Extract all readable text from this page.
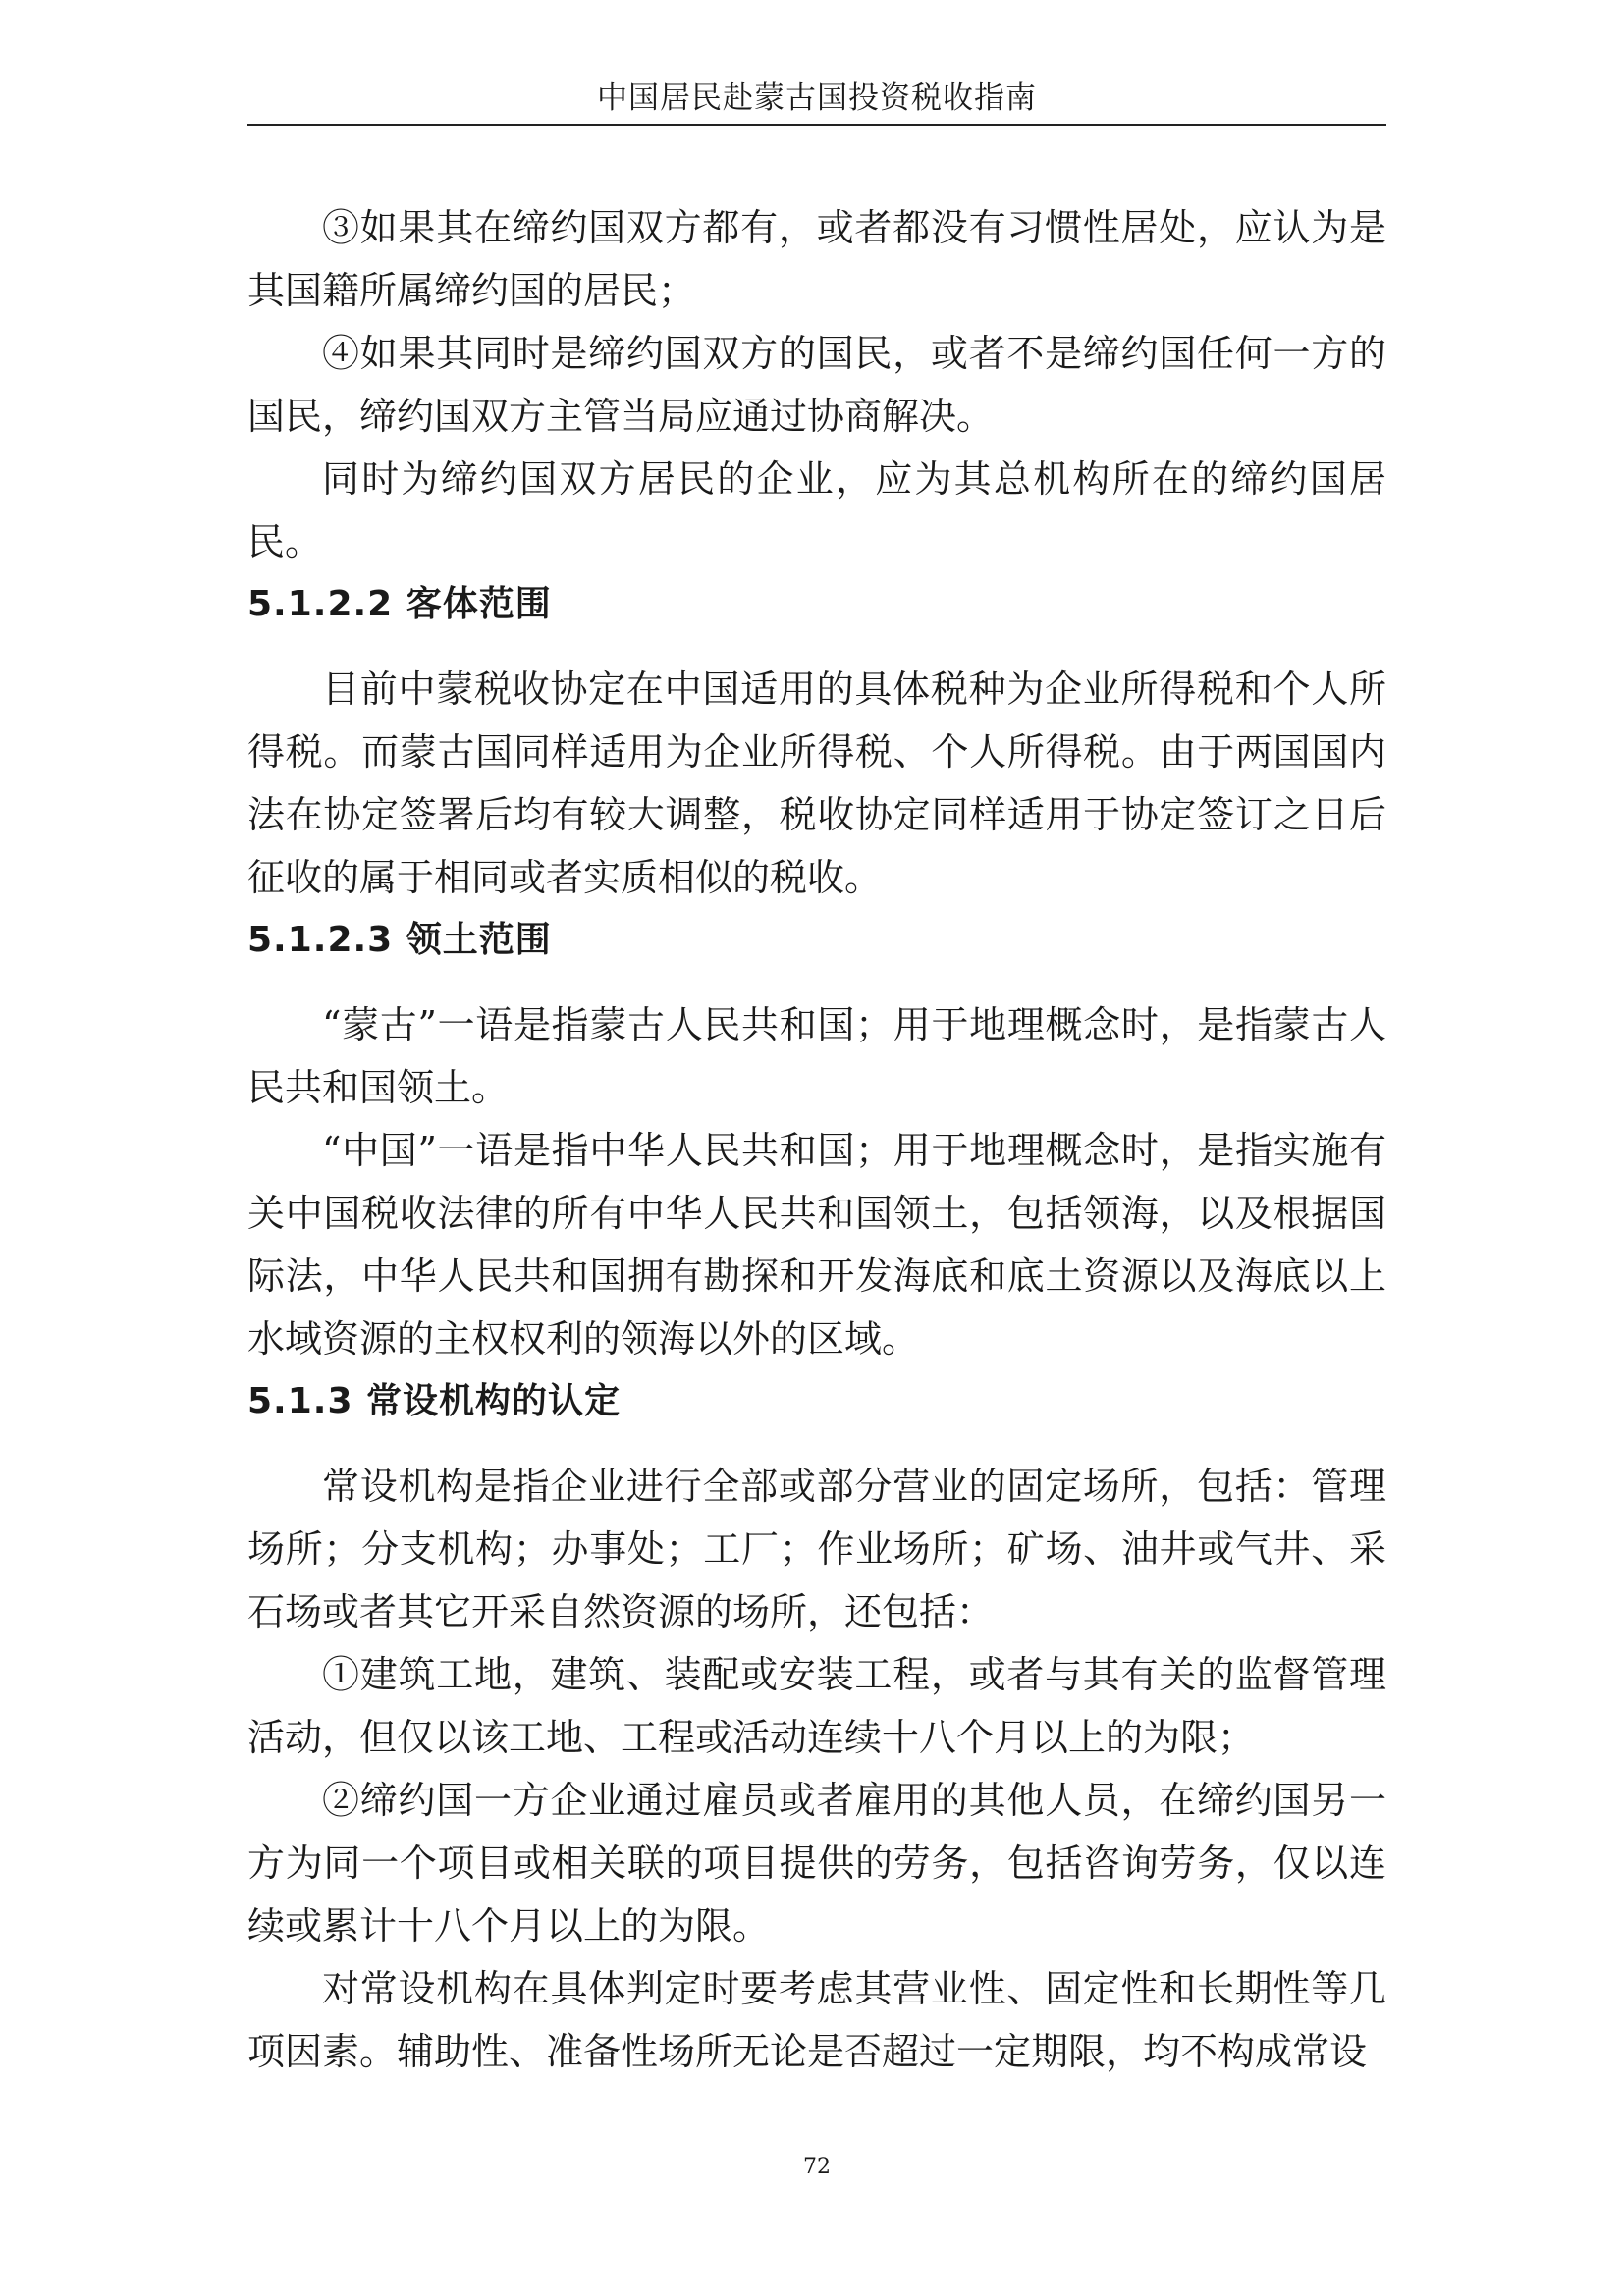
中国居民赴蒙古国投资税收指南

③如果其在缔约国双方都有，或者都没有习惯性居处，应认为是其国籍所属缔约国的居民；

④如果其同时是缔约国双方的国民，或者不是缔约国任何一方的国民，缔约国双方主管当局应通过协商解决。

同时为缔约国双方居民的企业，应为其总机构所在的缔约国居民。

5.1.2.2 客体范围

目前中蒙税收协定在中国适用的具体税种为企业所得税和个人所得税。而蒙古国同样适用为企业所得税、个人所得税。由于两国国内法在协定签署后均有较大调整，税收协定同样适用于协定签订之日后征收的属于相同或者实质相似的税收。

5.1.2.3 领土范围

“蒙古”一语是指蒙古人民共和国；用于地理概念时，是指蒙古人民共和国领土。

“中国”一语是指中华人民共和国；用于地理概念时，是指实施有关中国税收法律的所有中华人民共和国领土，包括领海，以及根据国际法，中华人民共和国拥有勘探和开发海底和底土资源以及海底以上水域资源的主权权利的领海以外的区域。

5.1.3 常设机构的认定

常设机构是指企业进行全部或部分营业的固定场所，包括：管理场所；分支机构；办事处；工厂；作业场所；矿场、油井或气井、采石场或者其它开采自然资源的场所，还包括：

①建筑工地，建筑、装配或安装工程，或者与其有关的监督管理活动，但仅以该工地、工程或活动连续十八个月以上的为限；

②缔约国一方企业通过雇员或者雇用的其他人员，在缔约国另一方为同一个项目或相关联的项目提供的劳务，包括咨询劳务，仅以连续或累计十八个月以上的为限。

对常设机构在具体判定时要考虑其营业性、固定性和长期性等几项因素。辅助性、准备性场所无论是否超过一定期限，均不构成常设

72
